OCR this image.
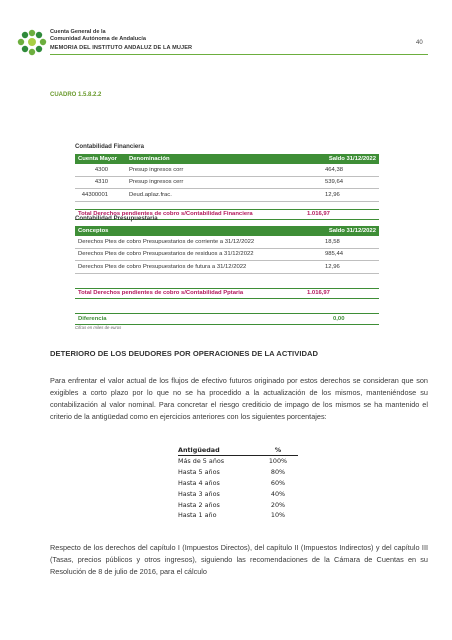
Cuenta General de la
Comunidad Autónoma de Andalucía
MEMORIA DEL INSTITUTO ANDALUZ DE LA MUJER
40
CUADRO 1.5.8.2.2
Contabilidad Financiera
Cuenta Mayor	Denominación	Saldo 31/12/2022
4300	Presup ingresos corr	464,38
4310	Presup ingresos cerr	539,64
44300001	Deud.aplaz.frac.	12,96

Total Derechos pendientes de cobro s/Contabilidad Financiera		1.016,97
Contabilidad Presupuestaria
Conceptos	Saldo 31/12/2022
Derechos Ptes de cobro Presupuestarios de corriente a 31/12/2022	18,58
Derechos Ptes de cobro Presupuestarios de residuos a 31/12/2022	985,44
Derechos Ptes de cobro Presupuestarios de futura a 31/12/2022	12,96

Total Derechos pendientes de cobro s/Contabilidad Pptaria	1.016,97
Diferencia	0,00
Cifras en miles de euros
DETERIORO DE LOS DEUDORES POR OPERACIONES DE LA ACTIVIDAD
Para enfrentar el valor actual de los flujos de efectivo futuros originado por estos derechos se consideran que son exigibles a corto plazo por lo que no se ha procedido a la actualización de los mismos, manteniéndose su contabilización al valor nominal. Para concretar el riesgo crediticio de impago de los mismos se ha mantenido el criterio de la antigüedad como en ejercicios anteriores con los siguientes porcentajes:
Antigüedad	%
Más de 5 años	100%
Hasta 5 años	80%
Hasta 4 años	60%
Hasta 3 años	40%
Hasta 2 años	20%
Hasta 1 año	10%
Respecto de los derechos del capítulo I (Impuestos Directos), del capítulo II (Impuestos Indirectos) y del capítulo III (Tasas, precios públicos y otros ingresos), siguiendo las recomendaciones de la Cámara de Cuentas en su Resolución de 8 de julio de 2016, para el cálculo
